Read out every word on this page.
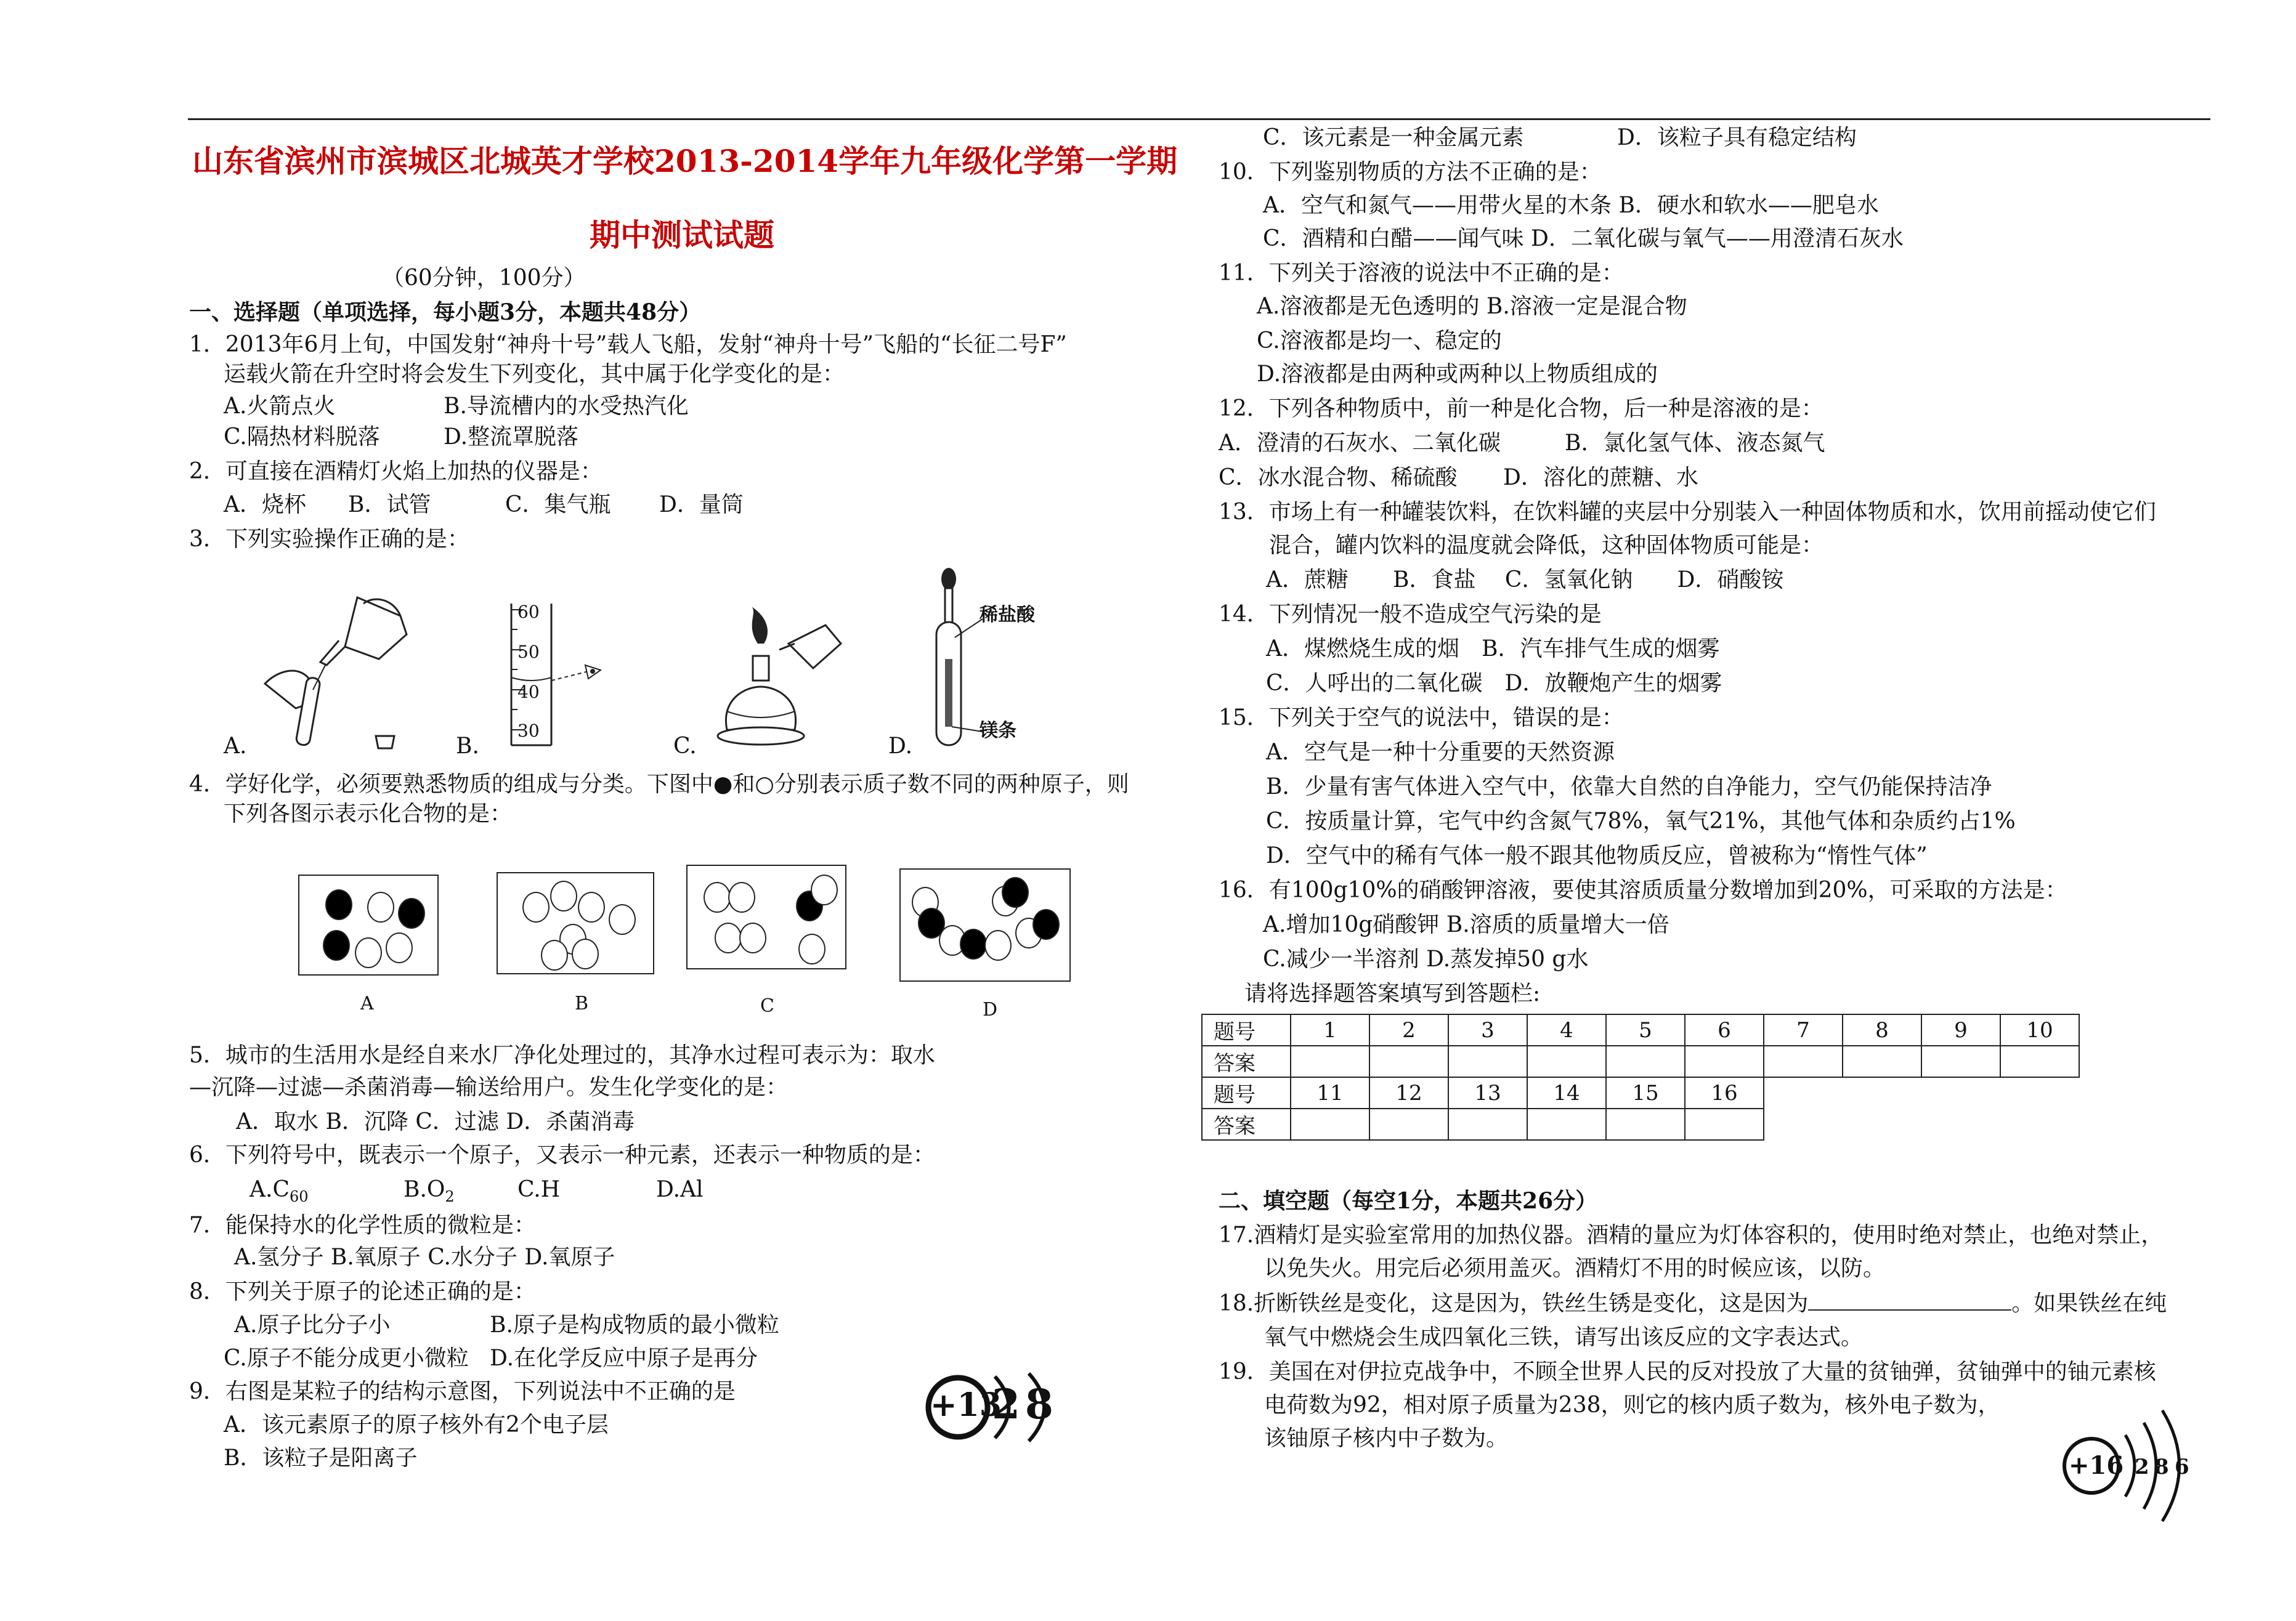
山东省滨州市滨城区北城英才学校2013-2014学年九年级化学第一学期
期中测试试题
（60分钟，100分）
一、选择题（单项选择，每小题3分，本题共48分）
1．2013年6月上旬，中国发射“神舟十号”载人飞船，发射“神舟十号”飞船的“长征二号F”
运载火箭在升空时将会发生下列变化，其中属于化学变化的是：
A.火箭点火	B.导流槽内的水受热汽化
C.隔热材料脱落	D.整流罩脱落
2．可直接在酒精灯火焰上加热的仪器是：
A．烧杯 B．试管	C．集气瓶 D．量筒
3．下列实验操作正确的是：
A.
60
50
40
30
B.	C.
稀盐酸
镁条
D.
4．学好化学，必须要熟悉物质的组成与分类。下图中●和○分别表示质子数不同的两种原子，则
下列各图示表示化合物的是：
A	B	C	D
5．城市的生活用水是经自来水厂净化处理过的，其净水过程可表示为：取水
—沉降—过滤—杀菌消毒—输送给用户。发生化学变化的是：
A．取水 B．沉降 C．过滤 D．杀菌消毒
6．下列符号中，既表示一个原子，又表示一种元素，还表示一种物质的是：
$A.C_{60}$	$B.O_2$	C.H	D.Al
7．能保持水的化学性质的微粒是：
A.氢分子 B.氧原子 C.水分子 D.氧原子
8．下列关于原子的论述正确的是：
A.原子比分子小	B.原子是构成物质的最小微粒
C.原子不能分成更小微粒 D.在化学反应中原子是再分
9．右图是某粒子的结构示意图，下列说法中不正确的是
A．该元素原子的原子核外有2个电子层
B．该粒子是阳离子
+13
28
C．该元素是一种金属元素	D．该粒子具有稳定结构
10．下列鉴别物质的方法不正确的是：
A．空气和氮气——用带火星的木条 B．硬水和软水——肥皂水
C．酒精和白醋——闻气味 D．二氧化碳与氧气——用澄清石灰水
11．下列关于溶液的说法中不正确的是：
A.溶液都是无色透明的 B.溶液一定是混合物
C.溶液都是均一、稳定的
D.溶液都是由两种或两种以上物质组成的
12．下列各种物质中，前一种是化合物，后一种是溶液的是：
A．澄清的石灰水、二氧化碳	B．氯化氢气体、液态氮气
C．冰水混合物、稀硫酸 D．溶化的蔗糖、水
13．市场上有一种罐装饮料，在饮料罐的夹层中分别装入一种固体物质和水，饮用前摇动使它们
混合，罐内饮料的温度就会降低，这种固体物质可能是：
A．蔗糖　　B．食盐　 C．氢氧化钠　　D．硝酸铵
14．下列情况一般不造成空气污染的是
A．煤燃烧生成的烟　B．汽车排气生成的烟雾
C．人呼出的二氧化碳　D．放鞭炮产生的烟雾
15．下列关于空气的说法中，错误的是：
A．空气是一种十分重要的天然资源
B．少量有害气体进入空气中，依靠大自然的自净能力，空气仍能保持洁净
C．按质量计算，宅气中约含氮气78%，氧气21%，其他气体和杂质约占1%
D．空气中的稀有气体一般不跟其他物质反应，曾被称为“惰性气体”
16．有100g10%的硝酸钾溶液，要使其溶质质量分数增加到20%，可采取的方法是：
A.增加10g硝酸钾 B.溶质的质量增大一倍
C.减少一半溶剂 D.蒸发掉50 g水
请将选择题答案填写到答题栏:
题号	1	2	3	4	5	6	7	8	9	10
答案										
题号	11	12	13	14	15	16				
答案										
二、填空题（每空1分，本题共26分）
17.酒精灯是实验室常用的加热仪器。酒精的量应为灯体容积的，使用时绝对禁止，也绝对禁止，
以免失火。用完后必须用盖灭。酒精灯不用的时候应该，以防。
18.折断铁丝是变化，这是因为，铁丝生锈是变化，这是因为	。如果铁丝在纯
氧气中燃烧会生成四氧化三铁，请写出该反应的文字表达式。
19．美国在对伊拉克战争中，不顾全世界人民的反对投放了大量的贫铀弹，贫铀弹中的铀元素核
电荷数为92，相对原子质量为238，则它的核内质子数为，核外电子数为，
该铀原子核内中子数为。
+16 2 8 6
